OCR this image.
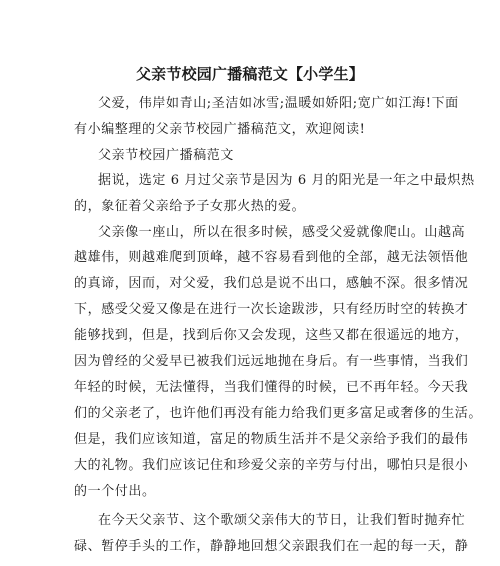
父亲节校园广播稿范文【小学生】
父爱，伟岸如青山;圣洁如冰雪;温暖如娇阳;宽广如江海!下面
有小编整理的父亲节校园广播稿范文，欢迎阅读!
父亲节校园广播稿范文
据说，选定 6 月过父亲节是因为 6 月的阳光是一年之中最炽热
的，象征着父亲给予子女那火热的爱。
父亲像一座山，所以在很多时候，感受父爱就像爬山。山越高
越雄伟，则越难爬到顶峰，越不容易看到他的全部，越无法领悟他
的真谛，因而，对父爱，我们总是说不出口，感触不深。很多情况
下，感受父爱又像是在进行一次长途跋涉，只有经历时空的转换才
能够找到，但是，找到后你又会发现，这些又都在很遥远的地方，
因为曾经的父爱早已被我们远远地抛在身后。有一些事情，当我们
年轻的时候，无法懂得，当我们懂得的时候，已不再年轻。今天我
们的父亲老了，也许他们再没有能力给我们更多富足或奢侈的生活。
但是，我们应该知道，富足的物质生活并不是父亲给予我们的最伟
大的礼物。我们应该记住和珍爱父亲的辛劳与付出，哪怕只是很小
的一个付出。
在今天父亲节、这个歌颂父亲伟大的节日，让我们暂时抛弃忙
碌、暂停手头的工作，静静地回想父亲跟我们在一起的每一天，静
